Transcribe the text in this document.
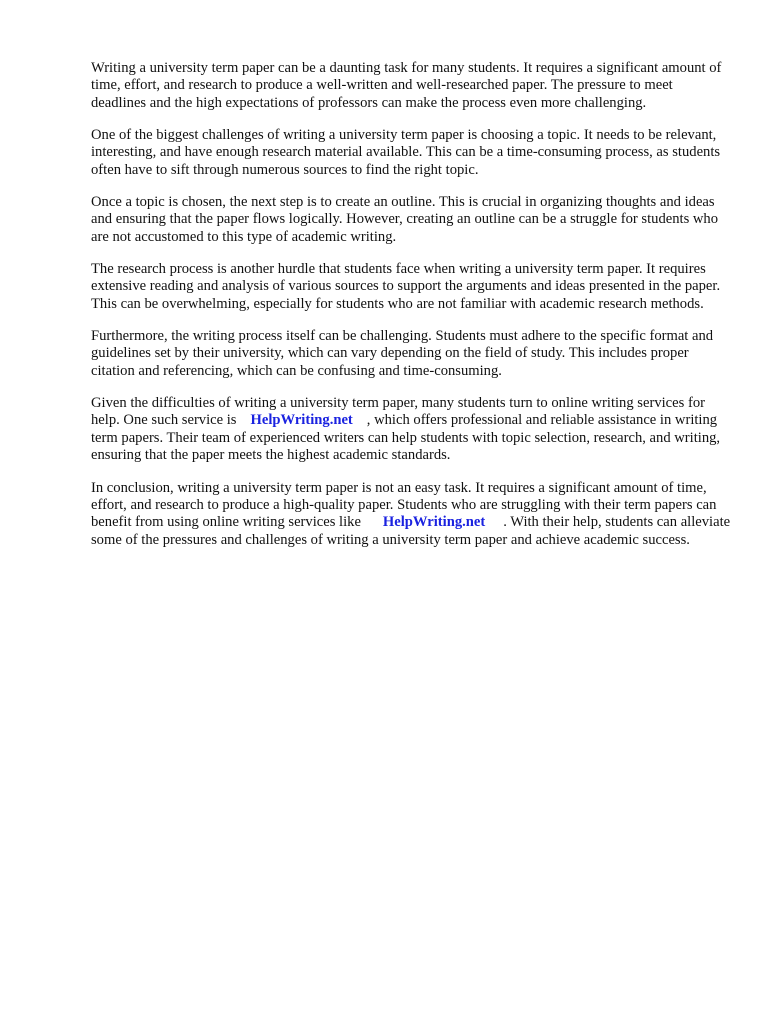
Writing a university term paper can be a daunting task for many students. It requires a significant amount of time, effort, and research to produce a well-written and well-researched paper. The pressure to meet deadlines and the high expectations of professors can make the process even more challenging.

One of the biggest challenges of writing a university term paper is choosing a topic. It needs to be relevant, interesting, and have enough research material available. This can be a time-consuming process, as students often have to sift through numerous sources to find the right topic.

Once a topic is chosen, the next step is to create an outline. This is crucial in organizing thoughts and ideas and ensuring that the paper flows logically. However, creating an outline can be a struggle for students who are not accustomed to this type of academic writing.

The research process is another hurdle that students face when writing a university term paper. It requires extensive reading and analysis of various sources to support the arguments and ideas presented in the paper. This can be overwhelming, especially for students who are not familiar with academic research methods.

Furthermore, the writing process itself can be challenging. Students must adhere to the specific format and guidelines set by their university, which can vary depending on the field of study. This includes proper citation and referencing, which can be confusing and time-consuming.

Given the difficulties of writing a university term paper, many students turn to online writing services for help. One such service is HelpWriting.net , which offers professional and reliable assistance in writing term papers. Their team of experienced writers can help students with topic selection, research, and writing, ensuring that the paper meets the highest academic standards.

In conclusion, writing a university term paper is not an easy task. It requires a significant amount of time, effort, and research to produce a high-quality paper. Students who are struggling with their term papers can benefit from using online writing services like HelpWriting.net . With their help, students can alleviate some of the pressures and challenges of writing a university term paper and achieve academic success.
